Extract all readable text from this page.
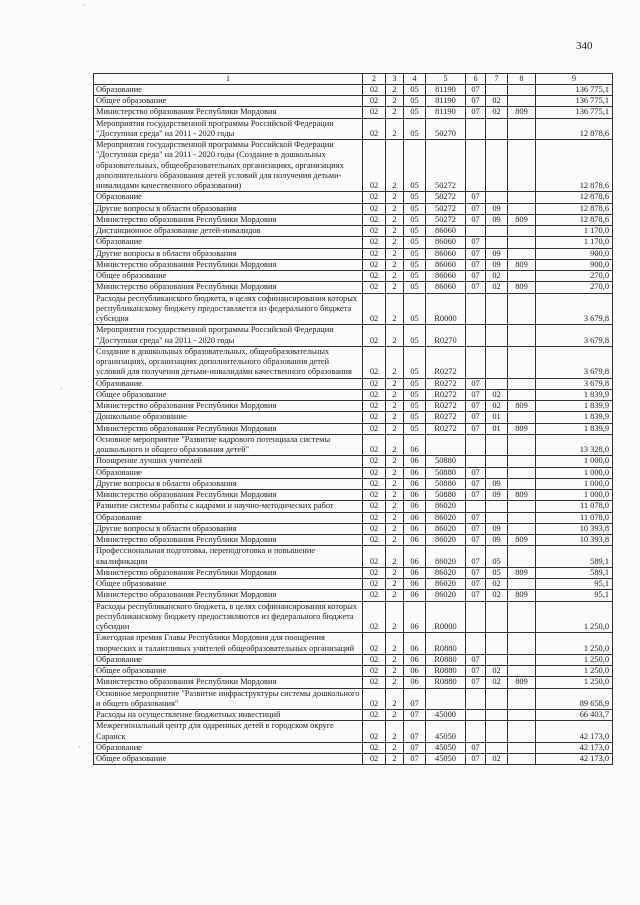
340
·
·
·
1	2	3	4	5	6	7	8	9
Образование	02	2	05	81190	07			136 775,1
Общее образование	02	2	05	81190	07	02		136 775,1
Министерство образования Республики Мордовия	02	2	05	81190	07	02	809	136 775,1
Мероприятия государственной программы Российской Федерации "Доступная среда" на 2011 - 2020 годы	02	2	05	50270				12 878,6
Мероприятия государственной программы Российской Федерации "Доступная среда" на 2011 - 2020 годы (Создание в дошкольных образовательных, общеобразовательных организациях, организациях дополнительного образования детей условий для получения детьми-инвалидами качественного образования)	02	2	05	50272				12 878,6
Образование	02	2	05	50272	07			12 878,6
Другие вопросы в области образования	02	2	05	50272	07	09		12 878,6
Министерство образования Республики Мордовия	02	2	05	50272	07	09	809	12 878,6
Дистанционное образование детей-инвалидов	02	2	05	86060				1 170,0
Образование	02	2	05	86060	07			1 170,0
Другие вопросы в области образования	02	2	05	86060	07	09		900,0
Министерство образования Республики Мордовия	02	2	05	86060	07	09	809	900,0
Общее образование	02	2	05	86060	07	02		270,0
Министерство образования Республики Мордовия	02	2	05	86060	07	02	809	270,0
Расходы республиканского бюджета, в целях софинансирования которых республиканскому бюджету предоставляется из федерального бюджета субсидия	02	2	05	R0000				3 679,8
Мероприятия государственной программы Российской Федерации "Доступная среда" на 2011 - 2020 годы	02	2	05	R0270				3 679,8
Создание в дошкольных образовательных, общеобразовательных организациях, организациях дополнительного образования детей условий для получения детьми-инвалидами качественного образования	02	2	05	R0272				3 679,8
Образование	02	2	05	R0272	07			3 679,8
Общее образование	02	2	05	R0272	07	02		1 839,9
Министерство образования Республики Мордовия	02	2	05	R0272	07	02	809	1 839,9
Дошкольное образование	02	2	05	R0272	07	01		1 839,9
Министерство образования Республики Мордовия	02	2	05	R0272	07	01	809	1 839,9
Основное мероприятие "Развитие кадрового потенциала системы дошкольного и общего образования детей"	02	2	06					13 328,0
Поощрение лучших учителей	02	2	06	50880				1 000,0
Образование	02	2	06	50880	07			1 000,0
Другие вопросы в области образования	02	2	06	50880	07	09		1 000,0
Министерство образования Республики Мордовия	02	2	06	50880	07	09	809	1 000,0
Развитие системы работы с кадрами и научно-методических работ	02	2	06	86020				11 078,0
Образование	02	2	06	86020	07			11 078,0
Другие вопросы в области образования	02	2	06	86020	07	09		10 393,8
Министерство образования Республики Мордовия	02	2	06	86020	07	09	809	10 393,8
Профессиональная подготовка, переподготовка и повышение квалификации	02	2	06	86020	07	05		589,1
Министерство образования Республики Мордовия	02	2	06	86020	07	05	809	589,1
Общее образование	02	2	06	86020	07	02		95,1
Министерство образования Республики Мордовия	02	2	06	86020	07	02	809	95,1
Расходы республиканского бюджета, в целях софинансирования которых республиканскому бюджету предоставляются из федерального бюджета субсидии	02	2	06	R0000				1 250,0
Ежегодная премия Главы Республики Мордовия для поощрения творческих и талантливых учителей общеобразовательных организаций	02	2	06	R0880				1 250,0
Образование	02	2	06	R0880	07			1 250,0
Общее образование	02	2	06	R0880	07	02		1 250,0
Министерство образования Республики Мордовия	02	2	06	R0880	07	02	809	1 250,0
Основное мероприятие "Развитие инфраструктуры системы дошкольного и общего образования"	02	2	07					89 658,9
Расходы на осуществление бюджетных инвестиций	02	2	07	45000				66 403,7
Межрегиональный центр для одаренных детей в городском округе Саранск	02	2	07	45050				42 173,0
Образование	02	2	07	45050	07			42 173,0
Общее образование	02	2	07	45050	07	02		42 173,0
